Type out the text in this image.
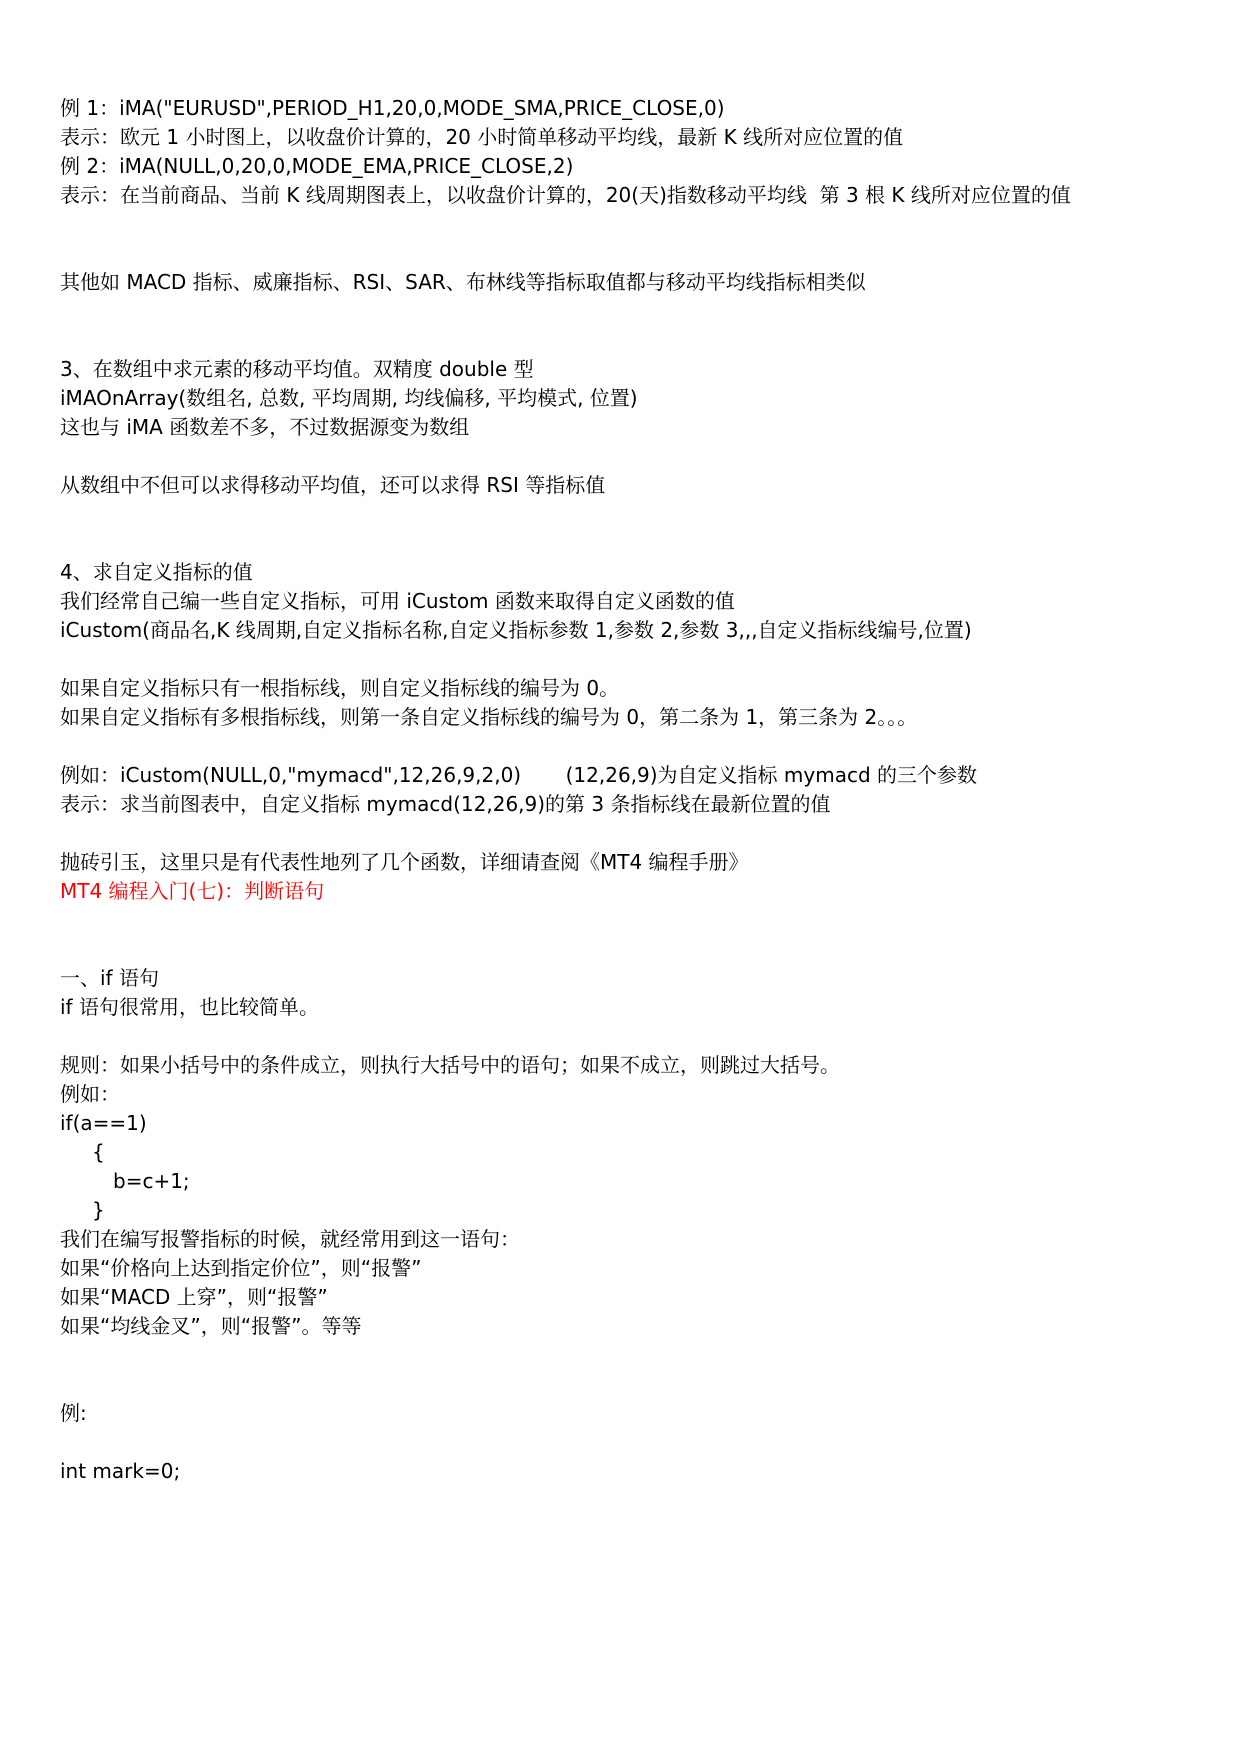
例 1：iMA("EURUSD",PERIOD_H1,20,0,MODE_SMA,PRICE_CLOSE,0)
表示：欧元 1 小时图上，以收盘价计算的，20 小时简单移动平均线，最新 K 线所对应位置的值
例 2：iMA(NULL,0,20,0,MODE_EMA,PRICE_CLOSE,2)
表示：在当前商品、当前 K 线周期图表上，以收盘价计算的，20(天)指数移动平均线  第 3 根 K 线所对应位置的值
其他如 MACD 指标、威廉指标、RSI、SAR、布林线等指标取值都与移动平均线指标相类似
3、在数组中求元素的移动平均值。双精度 double 型
iMAOnArray(数组名, 总数, 平均周期, 均线偏移, 平均模式, 位置)
这也与 iMA 函数差不多，不过数据源变为数组
从数组中不但可以求得移动平均值，还可以求得 RSI 等指标值
4、求自定义指标的值
我们经常自己编一些自定义指标，可用 iCustom 函数来取得自定义函数的值
iCustom(商品名,K 线周期,自定义指标名称,自定义指标参数 1,参数 2,参数 3,,,自定义指标线编号,位置)
如果自定义指标只有一根指标线，则自定义指标线的编号为 0。
如果自定义指标有多根指标线，则第一条自定义指标线的编号为 0，第二条为 1，第三条为 2。。。
例如：iCustom(NULL,0,"mymacd",12,26,9,2,0)       (12,26,9)为自定义指标 mymacd 的三个参数
表示：求当前图表中，自定义指标 mymacd(12,26,9)的第 3 条指标线在最新位置的值
抛砖引玉，这里只是有代表性地列了几个函数，详细请查阅《MT4 编程手册》
MT4 编程入门(七)：判断语句
一、if 语句
if 语句很常用，也比较简单。
规则：如果小括号中的条件成立，则执行大括号中的语句；如果不成立，则跳过大括号。
例如：
if(a==1)
{
b=c+1;
}
我们在编写报警指标的时候，就经常用到这一语句：
如果“价格向上达到指定价位”，则“报警”
如果“MACD 上穿”，则“报警”
如果“均线金叉”，则“报警”。等等
例:
int mark=0;
